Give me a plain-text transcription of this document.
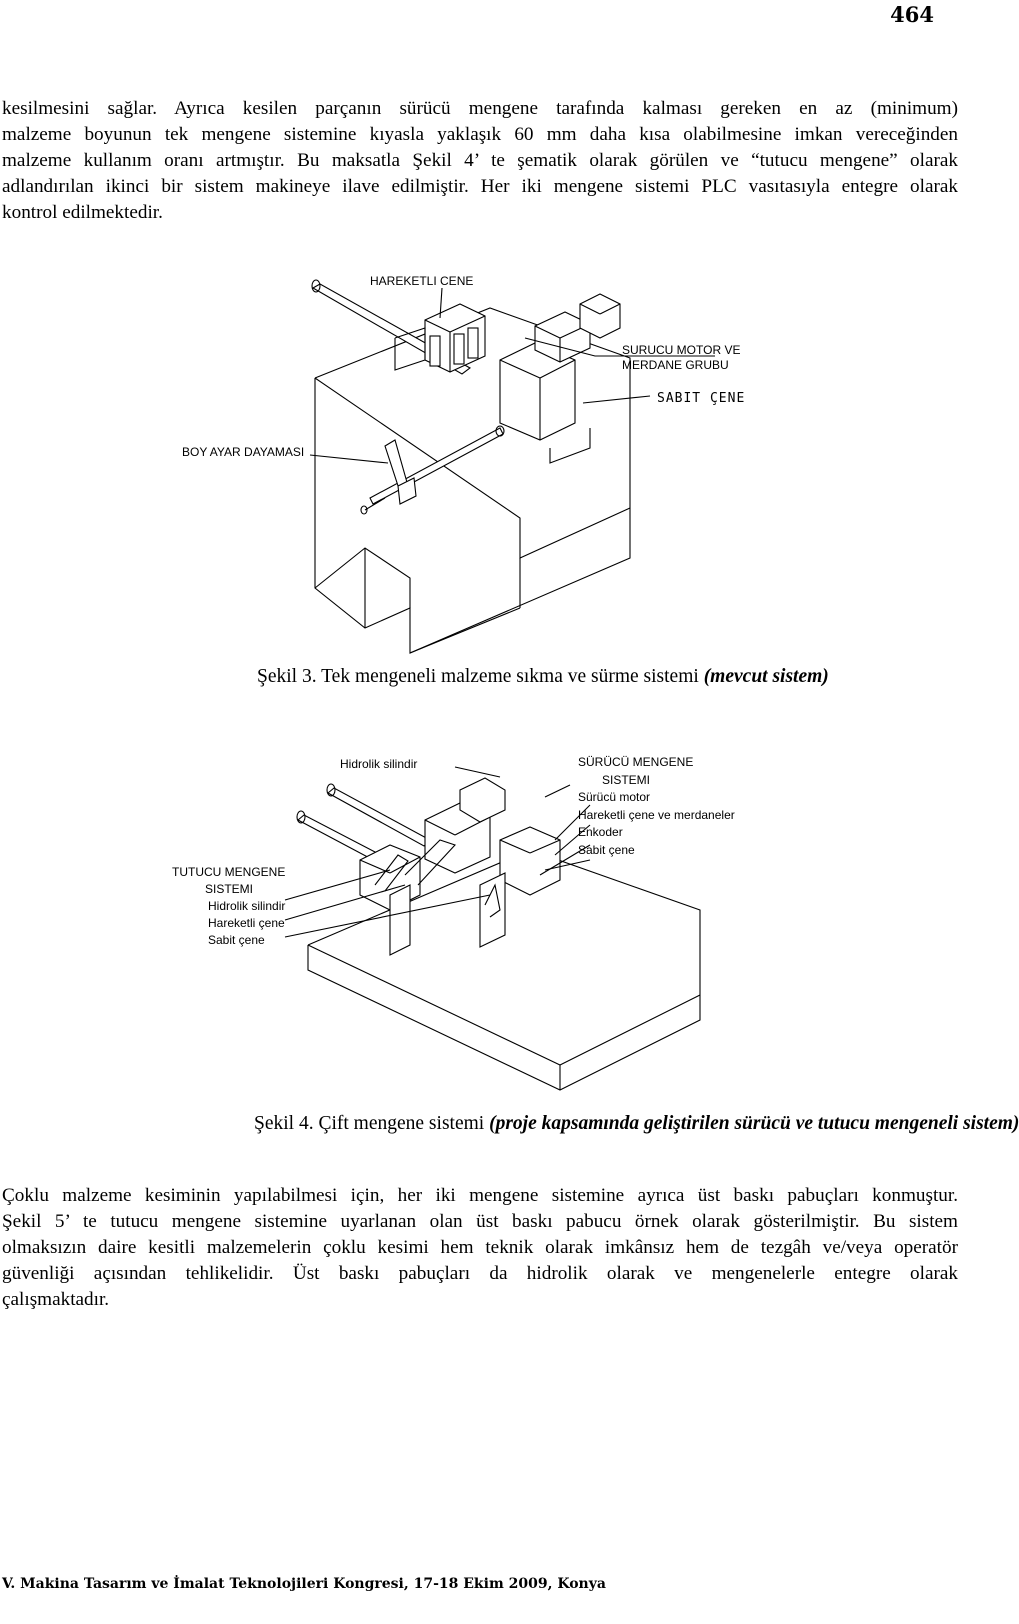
464

kesilmesini sağlar. Ayrıca kesilen parçanın sürücü mengene tarafında kalması gereken en az (minimum)
malzeme boyunun tek mengene sistemine kıyasla yaklaşık 60 mm daha kısa olabilmesine imkan vereceğinden
malzeme kullanım oranı artmıştır. Bu maksatla Şekil 4’ te şematik olarak görülen ve “tutucu mengene” olarak
adlandırılan ikinci bir sistem makineye ilave edilmiştir. Her iki mengene sistemi PLC vasıtasıyla entegre olarak
kontrol edilmektedir.

HAREKETLI CENE
SURUCU MOTOR VE
MERDANE GRUBU
SABIT ÇENE
BOY AYAR DAYAMASI
Şekil 3. Tek mengeneli malzeme sıkma ve sürme sistemi (mevcut sistem)
Hidrolik silindir	SÜRÜCÜ MENGENE
SISTEMI
Sürücü motor
Hareketli çene ve merdaneler
Enkoder
Sabit çene
TUTUCU MENGENE
SISTEMI
Hidrolik silindir
Hareketli çene
Sabit çene
Şekil 4. Çift mengene sistemi (proje kapsamında geliştirilen sürücü ve tutucu mengeneli sistem)

Çoklu malzeme kesiminin yapılabilmesi için, her iki mengene sistemine ayrıca üst baskı pabuçları konmuştur.
Şekil 5’ te tutucu mengene sistemine uyarlanan olan üst baskı pabucu örnek olarak gösterilmiştir. Bu sistem
olmaksızın daire kesitli malzemelerin çoklu kesimi hem teknik olarak imkânsız hem de tezgâh ve/veya operatör
güvenliği açısından tehlikelidir. Üst baskı pabuçları da hidrolik olarak ve mengenelerle entegre olarak
çalışmaktadır.

V. Makina Tasarım ve İmalat Teknolojileri Kongresi, 17-18 Ekim 2009, Konya
